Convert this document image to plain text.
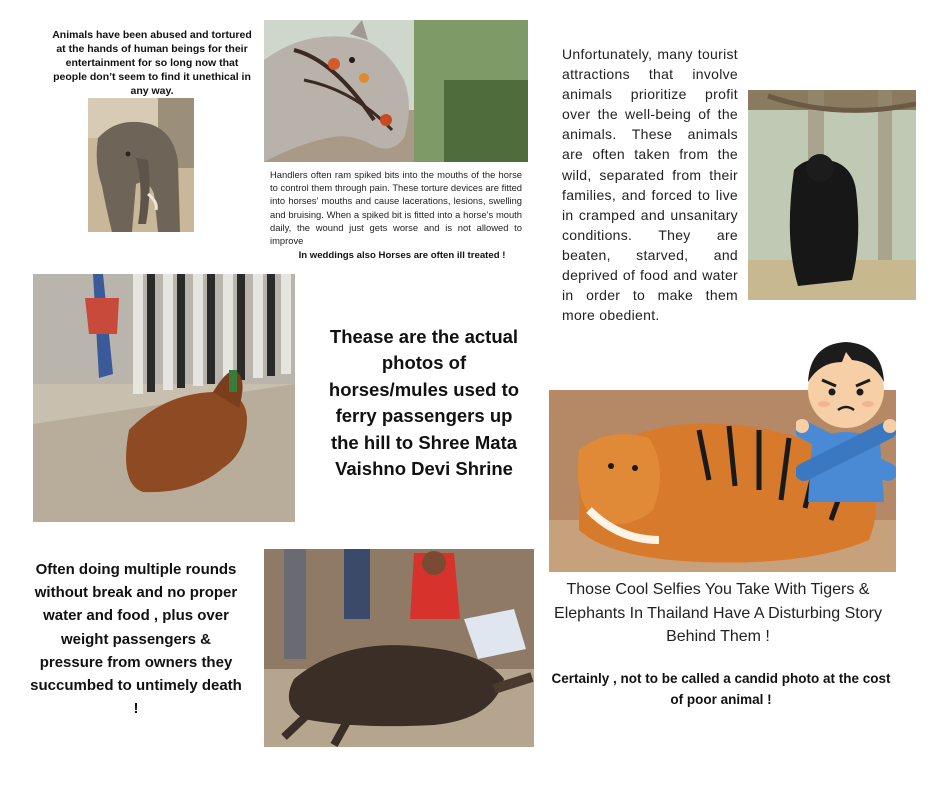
Animals have been abused and tortured at the hands of human beings for their entertainment for so long now that people don’t seem to find it unethical in any way.
Handlers often ram spiked bits into the mouths of the horse to control them through pain. These torture devices are fitted into horses’ mouths and cause lacerations, lesions, swelling and bruising. When a spiked bit is fitted into a horse’s mouth daily, the wound just gets worse and is not allowed to improve
In weddings also Horses are often ill treated !
Unfortunately, many tourist attractions that involve animals prioritize profit over the well-being of the animals. These animals are often taken from the wild, separated from their families, and forced to live in cramped and unsanitary conditions. They are beaten, starved, and deprived of food and water in order to make them more obedient.
Thease are the actual photos of horses/mules used to ferry passengers up the hill to Shree Mata Vaishno Devi Shrine
Those Cool Selfies You Take With Tigers & Elephants In Thailand Have A Disturbing Story Behind Them !
Certainly , not to be called a candid photo at the cost of poor animal !
Often doing multiple rounds without break and no proper water and food , plus over weight passengers & pressure from owners they succumbed to untimely death !
